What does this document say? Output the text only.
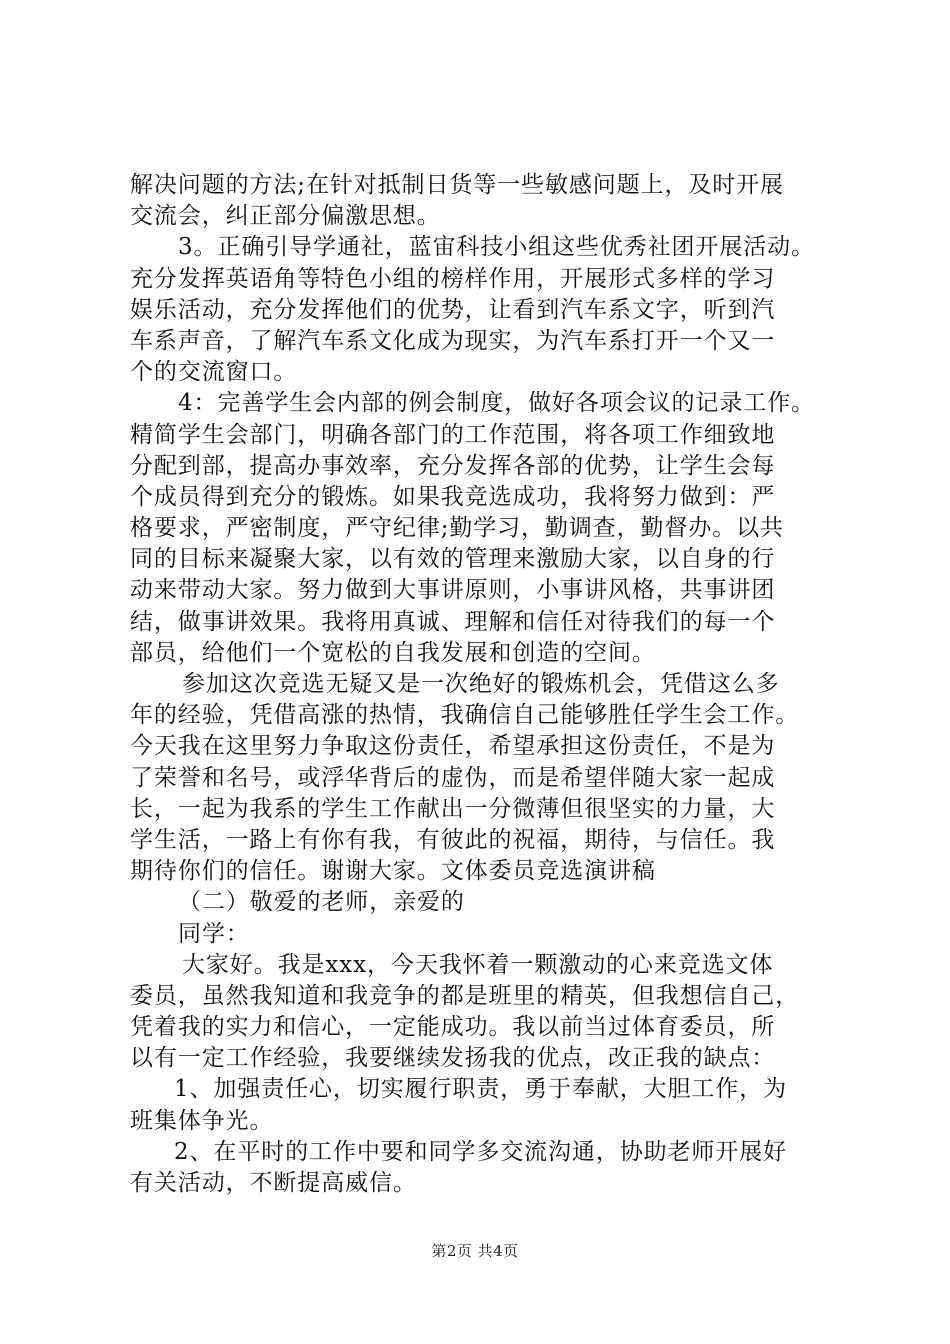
解决问题的方法;在针对抵制日货等一些敏感问题上，及时开展
交流会，纠正部分偏激思想。
3。正确引导学通社，蓝宙科技小组这些优秀社团开展活动。
充分发挥英语角等特色小组的榜样作用，开展形式多样的学习
娱乐活动，充分发挥他们的优势，让看到汽车系文字，听到汽
车系声音，了解汽车系文化成为现实，为汽车系打开一个又一
个的交流窗口。
4：完善学生会内部的例会制度，做好各项会议的记录工作。
精简学生会部门，明确各部门的工作范围，将各项工作细致地
分配到部，提高办事效率，充分发挥各部的优势，让学生会每
个成员得到充分的锻炼。如果我竞选成功，我将努力做到：严
格要求，严密制度，严守纪律;勤学习，勤调查，勤督办。以共
同的目标来凝聚大家，以有效的管理来激励大家，以自身的行
动来带动大家。努力做到大事讲原则，小事讲风格，共事讲团
结，做事讲效果。我将用真诚、理解和信任对待我们的每一个
部员，给他们一个宽松的自我发展和创造的空间。
参加这次竞选无疑又是一次绝好的锻炼机会，凭借这么多
年的经验，凭借高涨的热情，我确信自己能够胜任学生会工作。
今天我在这里努力争取这份责任，希望承担这份责任，不是为
了荣誉和名号，或浮华背后的虚伪，而是希望伴随大家一起成
长，一起为我系的学生工作献出一分微薄但很坚实的力量，大
学生活，一路上有你有我，有彼此的祝福，期待，与信任。我
期待你们的信任。谢谢大家。文体委员竞选演讲稿
（二）敬爱的老师，亲爱的
同学：
大家好。我是xxx，今天我怀着一颗激动的心来竞选文体
委员，虽然我知道和我竞争的都是班里的精英，但我想信自己，
凭着我的实力和信心，一定能成功。我以前当过体育委员，所
以有一定工作经验，我要继续发扬我的优点，改正我的缺点：
1、加强责任心，切实履行职责，勇于奉献，大胆工作，为
班集体争光。
2、在平时的工作中要和同学多交流沟通，协助老师开展好
有关活动，不断提高威信。
第2页 共4页
